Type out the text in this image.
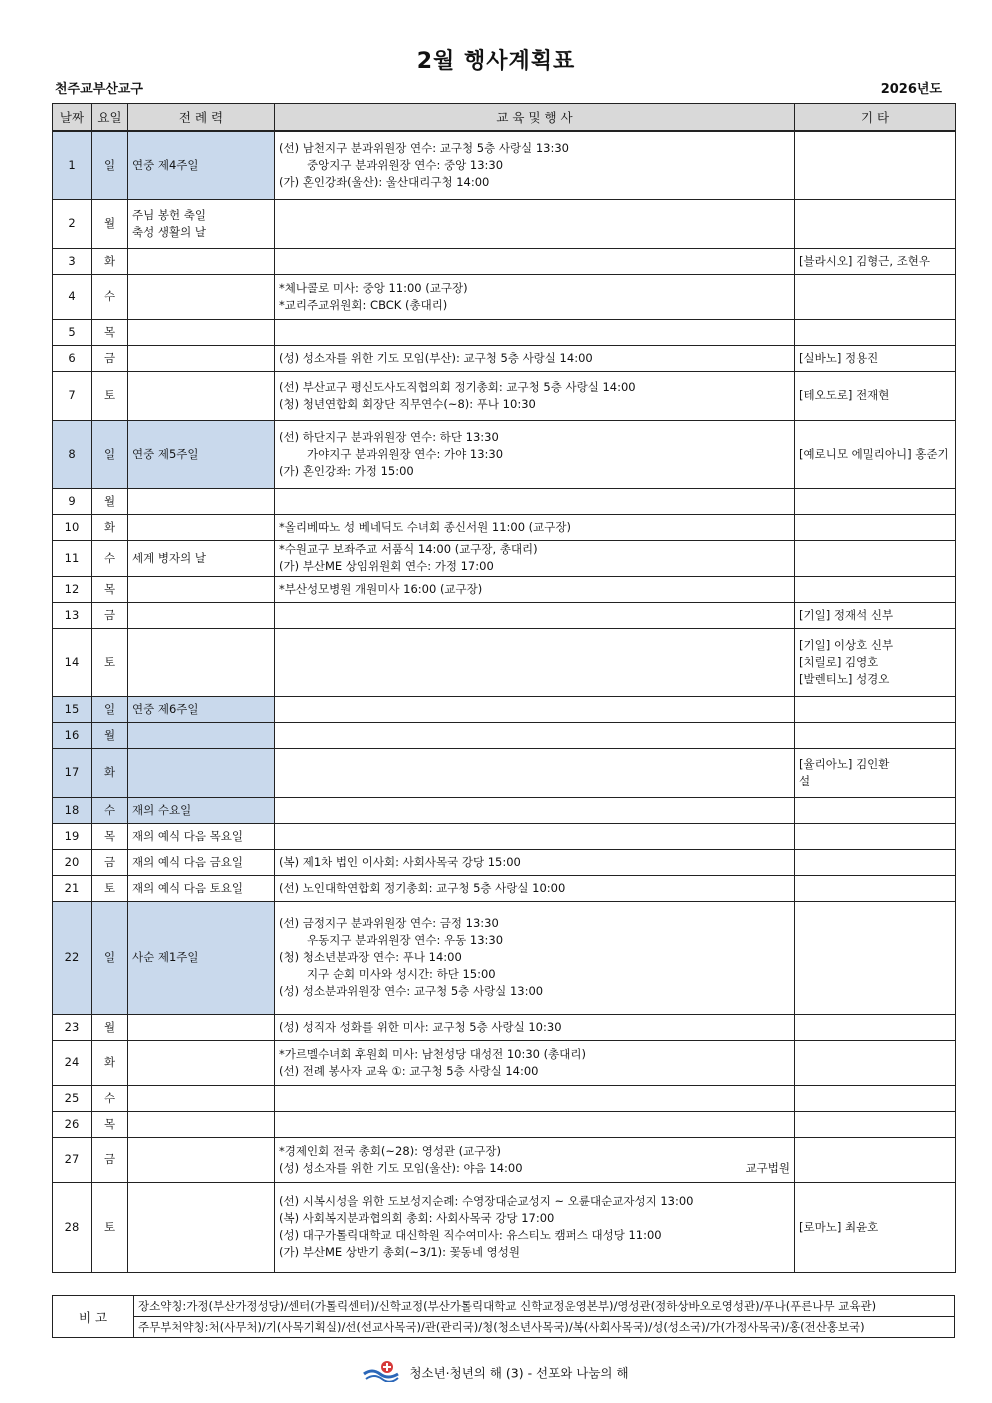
2월 행사계획표
천주교부산교구	2026년도
날짜	요일	전 례 력	교 육 및 행 사	기 타
1	일	연중 제4주일	(선) 남천지구 분과위원장 연수: 교구청 5층 사랑실 13:30
중앙지구 분과위원장 연수: 중앙 13:30
(가) 혼인강좌(울산): 울산대리구청 14:00	

2	월	주님 봉헌 축일
축성 생활의 날		

3	화			[블라시오] 김형근, 조현우

4	수		*체나콜로 미사: 중앙 11:00 (교구장)
*교리주교위원회: CBCK (총대리)	

5	목			
6	금		(성) 성소자를 위한 기도 모임(부산): 교구청 5층 사랑실 14:00	[실바노] 정용진

7	토		(선) 부산교구 평신도사도직협의회 정기총회: 교구청 5층 사랑실 14:00
(청) 청년연합회 회장단 직무연수(~8): 푸나 10:30	[테오도로] 전재현

8	일	연중 제5주일	(선) 하단지구 분과위원장 연수: 하단 13:30
가야지구 분과위원장 연수: 가야 13:30
(가) 혼인강좌: 가정 15:00	[예로니모 에밀리아니] 홍준기

9	월			
10	화		*올리베따노 성 베네딕도 수녀회 종신서원 11:00 (교구장)	

11	수	세계 병자의 날	*수원교구 보좌주교 서품식 14:00 (교구장, 총대리)
(가) 부산ME 상임위원회 연수: 가정 17:00	

12	목		*부산성모병원 개원미사 16:00 (교구장)	

13	금			[기일] 정재석 신부

14	토			[기일] 이상호 신부
[치릴로] 김영호
[발렌티노] 성경오

15	일	연중 제6주일		

16	월			
17	화			[율리아노] 김인환
설

18	수	재의 수요일		

19	목	재의 예식 다음 목요일		

20	금	재의 예식 다음 금요일	(복) 제1차 법인 이사회: 사회사목국 강당 15:00	

21	토	재의 예식 다음 토요일	(선) 노인대학연합회 정기총회: 교구청 5층 사랑실 10:00	

22	일	사순 제1주일	(선) 금정지구 분과위원장 연수: 금정 13:30
우동지구 분과위원장 연수: 우동 13:30
(청) 청소년분과장 연수: 푸나 14:00
지구 순회 미사와 성시간: 하단 15:00
(성) 성소분과위원장 연수: 교구청 5층 사랑실 13:00	

23	월		(성) 성직자 성화를 위한 미사: 교구청 5층 사랑실 10:30	

24	화		*가르멜수녀회 후원회 미사: 남천성당 대성전 10:30 (총대리)
(선) 전례 봉사자 교육 ①: 교구청 5층 사랑실 14:00	

25	수			
26	목			
27	금		*경제인회 전국 총회(~28): 영성관 (교구장)
(성) 성소자를 위한 기도 모임(울산): 야음 14:00 교구법원	

28	토		(선) 시복시성을 위한 도보성지순례: 수영장대순교성지 ~ 오륜대순교자성지 13:00
(복) 사회복지분과협의회 총회: 사회사목국 강당 17:00
(성) 대구가톨릭대학교 대신학원 직수여미사: 유스티노 캠퍼스 대성당 11:00
(가) 부산ME 상반기 총회(~3/1): 꽃동네 영성원	[로마노] 최윤호
비 고	장소약칭:가정(부산가정성당)/센터(가톨릭센터)/신학교정(부산가톨릭대학교 신학교정운영본부)/영성관(정하상바오로영성관)/푸나(푸른나무 교육관)
주무부처약칭:처(사무처)/기(사목기획실)/선(선교사목국)/관(관리국)/청(청소년사목국)/복(사회사목국)/성(성소국)/가(가정사목국)/홍(전산홍보국)
청소년·청년의 해 (3) - 선포와 나눔의 해
